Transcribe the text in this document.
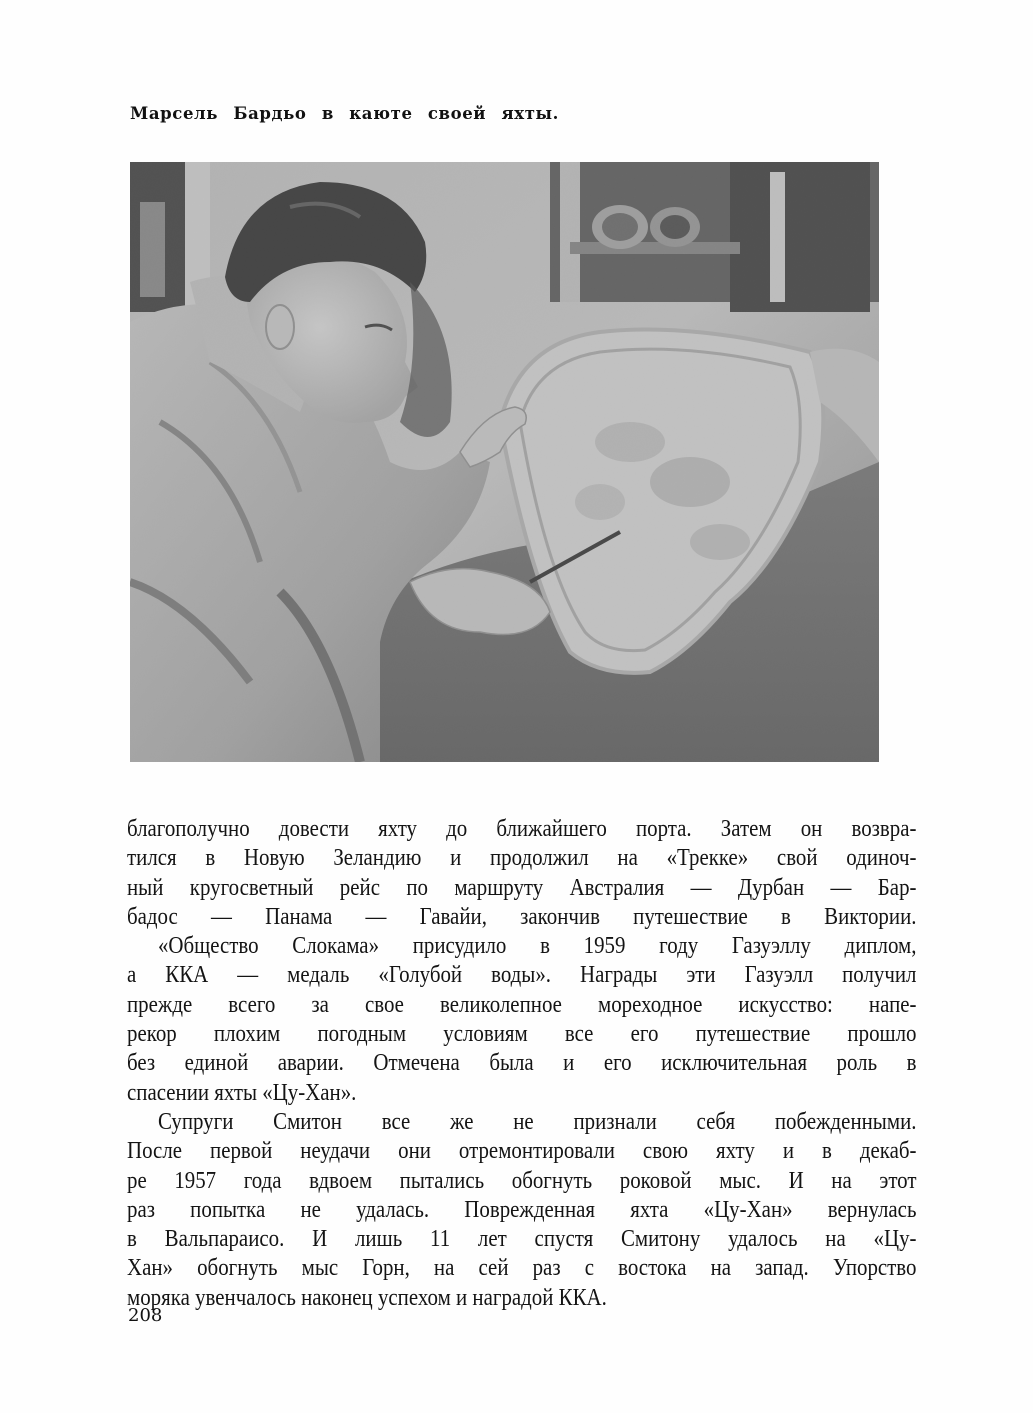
Марсель Бардьо в каюте своей яхты.
благополучно довести яхту до ближайшего порта. Затем он возвра-
тился в Новую Зеландию и продолжил на «Трекке» свой одиноч-
ный кругосветный рейс по маршруту Австралия — Дурбан — Бар-
бадос — Панама — Гавайи, закончив путешествие в Виктории.
«Общество Слокама» присудило в 1959 году Газуэллу диплом,
а ККА — медаль «Голубой воды». Награды эти Газуэлл получил
прежде всего за свое великолепное мореходное искусство: напе-
рекор плохим погодным условиям все его путешествие прошло
без единой аварии. Отмечена была и его исключительная роль в
спасении яхты «Цу-Хан».
Супруги Смитон все же не признали себя побежденными.
После первой неудачи они отремонтировали свою яхту и в декаб-
ре 1957 года вдвоем пытались обогнуть роковой мыс. И на этот
раз попытка не удалась. Поврежденная яхта «Цу-Хан» вернулась
в Вальпараисо. И лишь 11 лет спустя Смитону удалось на «Цу-
Хан» обогнуть мыс Горн, на сей раз с востока на запад. Упорство
моряка увенчалось наконец успехом и наградой ККА.
208
